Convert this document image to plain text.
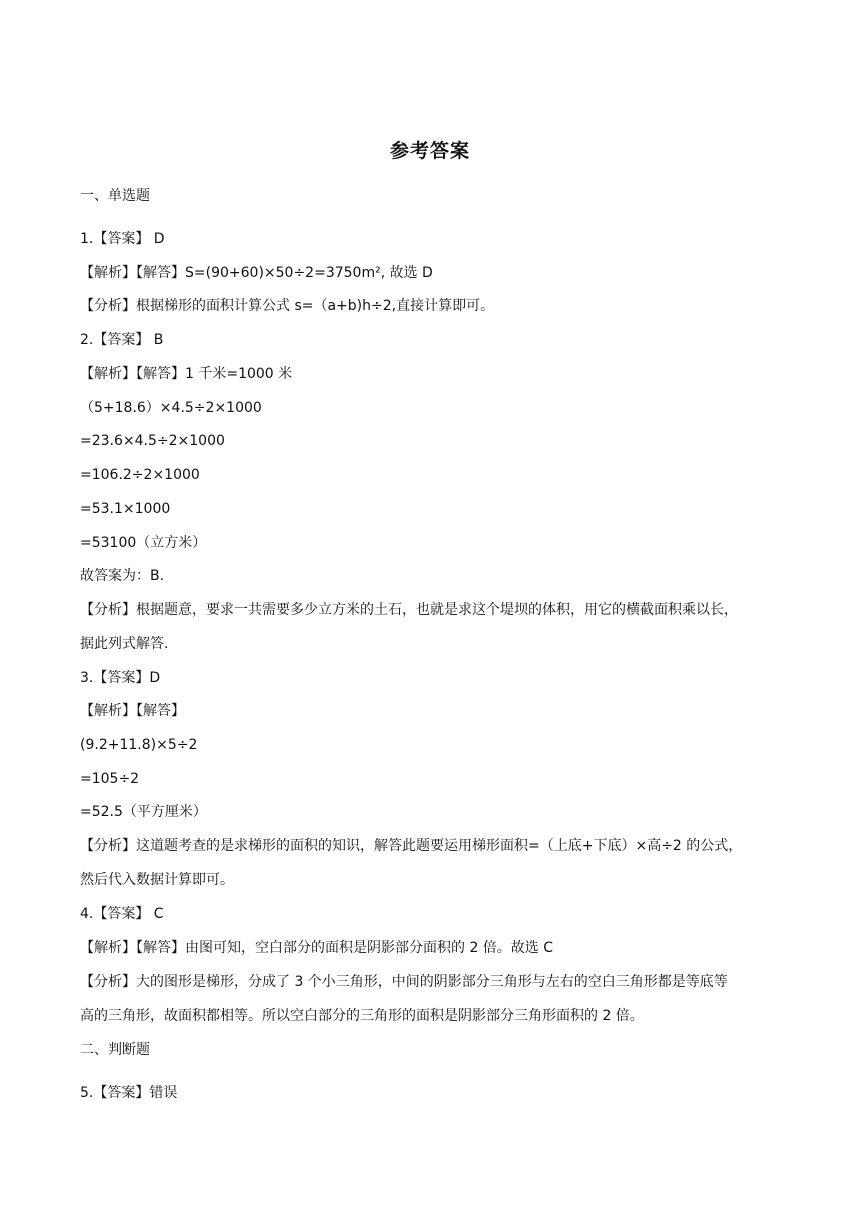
参考答案
一、单选题
1.【答案】 D
【解析】【解答】S=(90+60)×50÷2=3750m², 故选 D
【分析】根据梯形的面积计算公式 s=（a+b)h÷2,直接计算即可。
2.【答案】 B
【解析】【解答】1 千米=1000 米
（5+18.6）×4.5÷2×1000
=23.6×4.5÷2×1000
=106.2÷2×1000
=53.1×1000
=53100（立方米）
故答案为：B.
【分析】根据题意，要求一共需要多少立方米的土石，也就是求这个堤坝的体积，用它的横截面积乘以长，
据此列式解答.
3.【答案】D
【解析】【解答】
(9.2+11.8)×5÷2
=105÷2
=52.5（平方厘米）
【分析】这道题考查的是求梯形的面积的知识，解答此题要运用梯形面积=（上底+下底）×高÷2 的公式，
然后代入数据计算即可。
4.【答案】 C
【解析】【解答】由图可知，空白部分的面积是阴影部分面积的 2 倍。故选 C
【分析】大的图形是梯形，分成了 3 个小三角形，中间的阴影部分三角形与左右的空白三角形都是等底等
高的三角形，故面积都相等。所以空白部分的三角形的面积是阴影部分三角形面积的 2 倍。
二、判断题
5.【答案】错误
